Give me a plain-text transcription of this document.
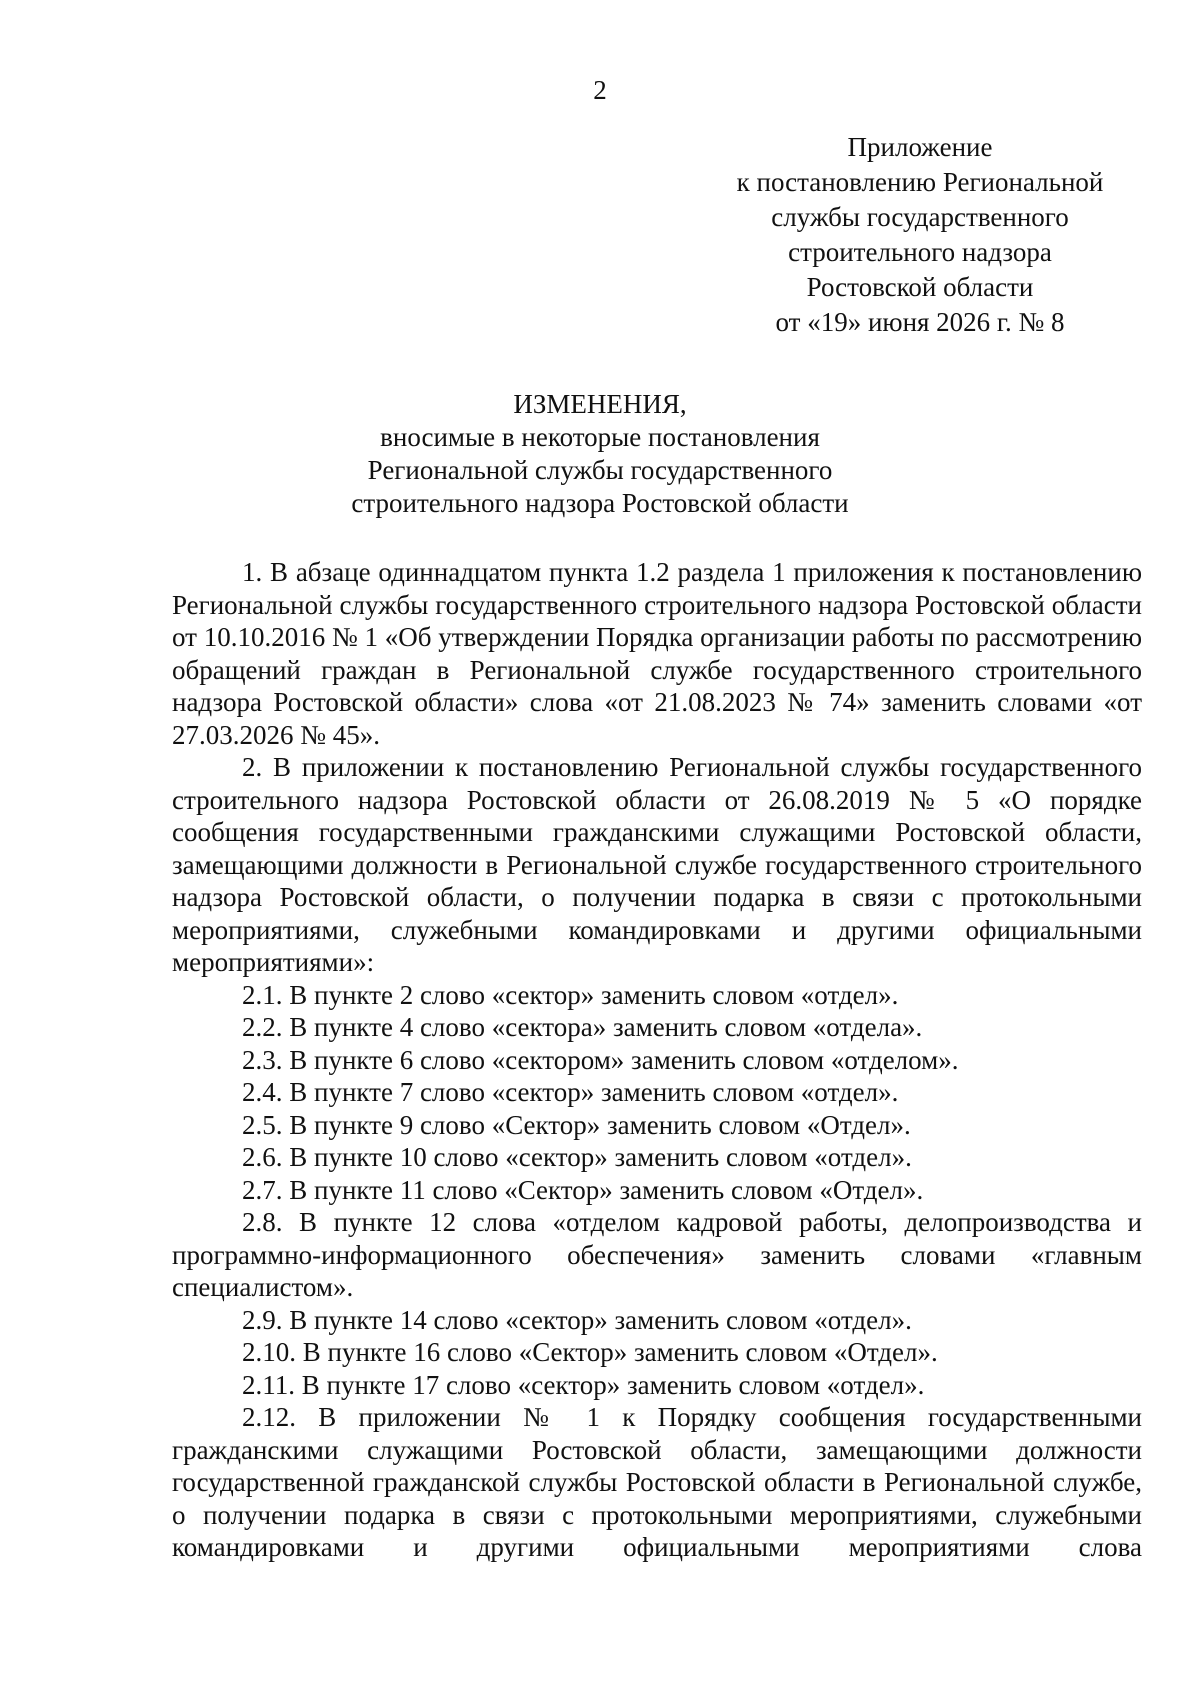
2
Приложение
к постановлению Региональной
службы государственного
строительного надзора
Ростовской области
от «19» июня 2026 г. № 8
ИЗМЕНЕНИЯ,
вносимые в некоторые постановления
Региональной службы государственного
строительного надзора Ростовской области

1. В абзаце одиннадцатом пункта 1.2 раздела 1 приложения к постановлению Региональной службы государственного строительного надзора Ростовской области от 10.10.2016 № 1 «Об утверждении Порядка организации работы по рассмотрению обращений граждан в Региональной службе государственного строительного надзора Ростовской области» слова «от 21.08.2023 № 74» заменить словами «от 27.03.2026 № 45».

2. В приложении к постановлению Региональной службы государственного строительного надзора Ростовской области от 26.08.2019 № 5 «О порядке сообщения государственными гражданскими служащими Ростовской области, замещающими должности в Региональной службе государственного строительного надзора Ростовской области, о получении подарка в связи с протокольными мероприятиями, служебными командировками и другими официальными мероприятиями»:

2.1. В пункте 2 слово «сектор» заменить словом «отдел».

2.2. В пункте 4 слово «сектора» заменить словом «отдела».

2.3. В пункте 6 слово «сектором» заменить словом «отделом».

2.4. В пункте 7 слово «сектор» заменить словом «отдел».

2.5. В пункте 9 слово «Сектор» заменить словом «Отдел».

2.6. В пункте 10 слово «сектор» заменить словом «отдел».

2.7. В пункте 11 слово «Сектор» заменить словом «Отдел».

2.8. В пункте 12 слова «отделом кадровой работы, делопроизводства и программно-информационного обеспечения» заменить словами «главным специалистом».

2.9. В пункте 14 слово «сектор» заменить словом «отдел».

2.10. В пункте 16 слово «Сектор» заменить словом «Отдел».

2.11. В пункте 17 слово «сектор» заменить словом «отдел».

2.12. В приложении № 1 к Порядку сообщения государственными гражданскими служащими Ростовской области, замещающими должности государственной гражданской службы Ростовской области в Региональной службе, о получении подарка в связи с протокольными мероприятиями, служебными командировками и другими официальными мероприятиями слова
